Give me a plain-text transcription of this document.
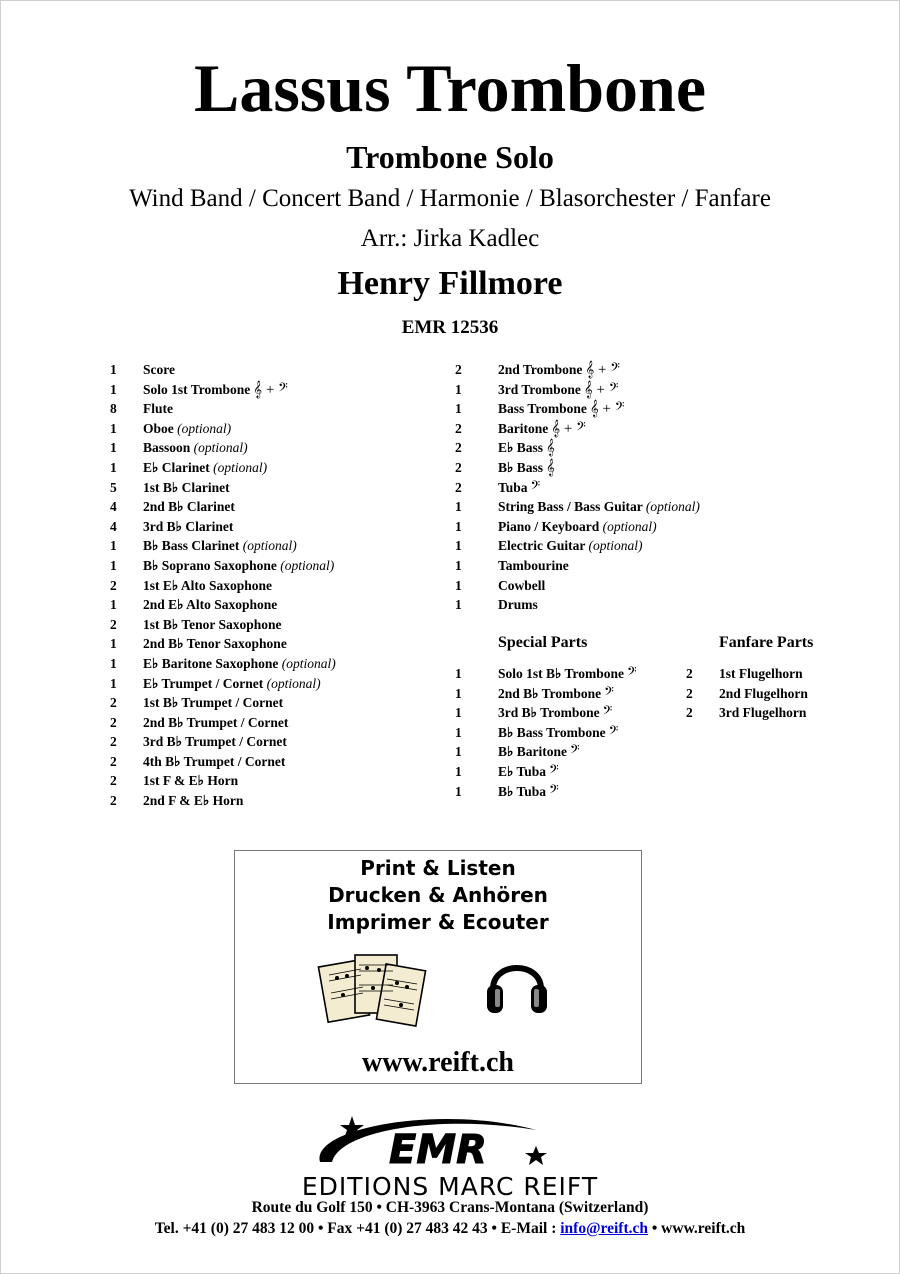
Lassus Trombone
Trombone Solo
Wind Band / Concert Band / Harmonie / Blasorchester / Fanfare
Arr.: Jirka Kadlec
Henry Fillmore
EMR 12536
1 Score
1 Solo 1st Trombone 𝄞 + 𝄢
8 Flute
1 Oboe (optional)
1 Bassoon (optional)
1 E♭ Clarinet (optional)
5 1st B♭ Clarinet
4 2nd B♭ Clarinet
4 3rd B♭ Clarinet
1 B♭ Bass Clarinet (optional)
1 B♭ Soprano Saxophone (optional)
2 1st E♭ Alto Saxophone
1 2nd E♭ Alto Saxophone
2 1st B♭ Tenor Saxophone
1 2nd B♭ Tenor Saxophone
1 E♭ Baritone Saxophone (optional)
1 E♭ Trumpet / Cornet (optional)
2 1st B♭ Trumpet / Cornet
2 2nd B♭ Trumpet / Cornet
2 3rd B♭ Trumpet / Cornet
2 4th B♭ Trumpet / Cornet
2 1st F & E♭ Horn
2 2nd F & E♭ Horn
2	2nd Trombone 𝄞 + 𝄢
1	3rd Trombone 𝄞 + 𝄢
1	Bass Trombone 𝄞 + 𝄢
2	Baritone 𝄞 + 𝄢
2	E♭ Bass 𝄞
2	B♭ Bass 𝄞
2	Tuba 𝄢
1	String Bass / Bass Guitar (optional)
1	Piano / Keyboard (optional)
1	Electric Guitar (optional)
1	Tambourine
1	Cowbell
1	Drums
Special Parts
1	Solo 1st B♭ Trombone 𝄢
1	2nd B♭ Trombone 𝄢
1	3rd B♭ Trombone 𝄢
1	B♭ Bass Trombone 𝄢
1	B♭ Baritone 𝄢
1	E♭ Tuba 𝄢
1	B♭ Tuba 𝄢
Fanfare Parts
2 1st Flugelhorn
2 2nd Flugelhorn
2 3rd Flugelhorn
Print & Listen
Drucken & Anhören
Imprimer & Ecouter
www.reift.ch
EMR
EDITIONS MARC REIFT
Route du Golf 150 • CH-3963 Crans-Montana (Switzerland)
Tel. +41 (0) 27 483 12 00 • Fax +41 (0) 27 483 42 43 • E-Mail : info@reift.ch • www.reift.ch
